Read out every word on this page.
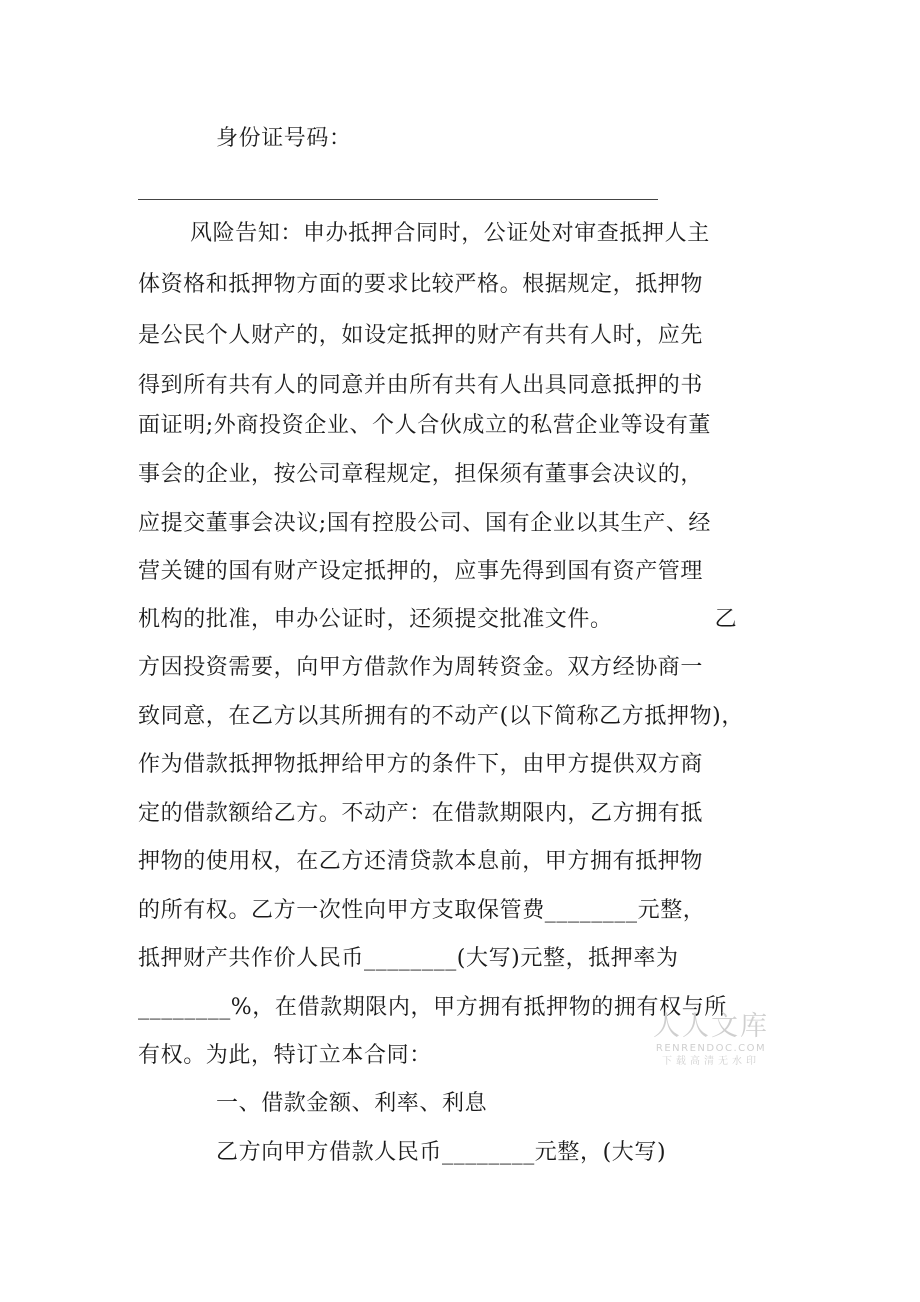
身份证号码：
风险告知：申办抵押合同时，公证处对审查抵押人主
体资格和抵押物方面的要求比较严格。根据规定，抵押物
是公民个人财产的，如设定抵押的财产有共有人时，应先
得到所有共有人的同意并由所有共有人出具同意抵押的书
面证明;外商投资企业、个人合伙成立的私营企业等设有董
事会的企业，按公司章程规定，担保须有董事会决议的，
应提交董事会决议;国有控股公司、国有企业以其生产、经
营关键的国有财产设定抵押的，应事先得到国有资产管理
机构的批准，申办公证时，还须提交批准文件。　　　　　乙
方因投资需要，向甲方借款作为周转资金。双方经协商一
致同意，在乙方以其所拥有的不动产(以下简称乙方抵押物)，
作为借款抵押物抵押给甲方的条件下，由甲方提供双方商
定的借款额给乙方。不动产：在借款期限内，乙方拥有抵
押物的使用权，在乙方还清贷款本息前，甲方拥有抵押物
的所有权。乙方一次性向甲方支取保管费________元整，
抵押财产共作价人民币________(大写)元整，抵押率为
________%，在借款期限内，甲方拥有抵押物的拥有权与所
有权。为此，特订立本合同：
一、借款金额、利率、利息
乙方向甲方借款人民币________元整，(大写)
人人文库
RENRENDOC.COM
下载高清无水印
